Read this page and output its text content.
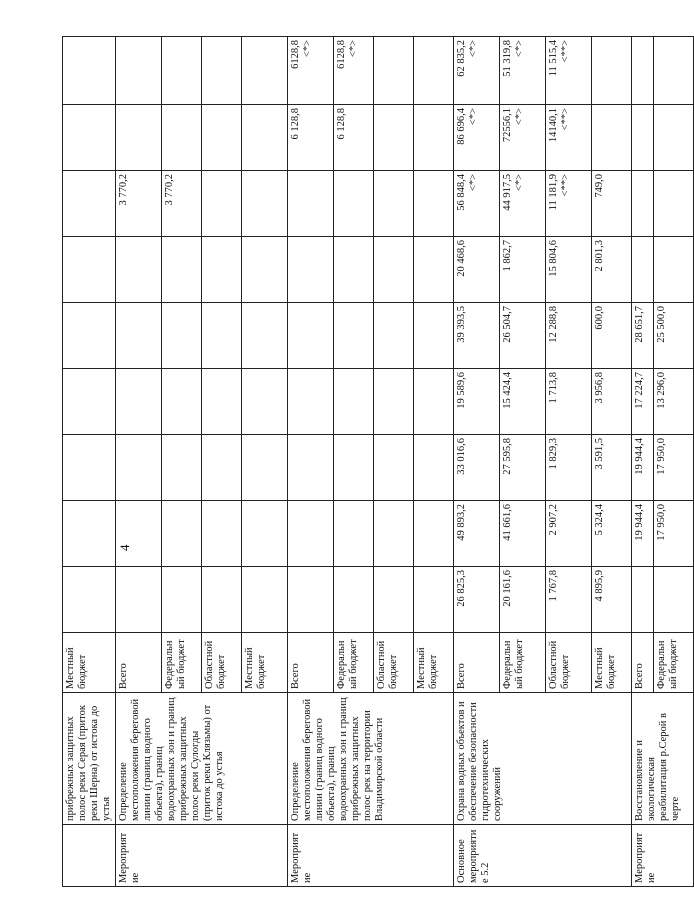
4
	прибрежных защитных полос реки Серая (приток реки Шерна) от истока до устья	Местный бюджет									
Мероприятие	Определение местоположения береговой линии (границ водного объекта), границ водоохранных зон и границ прибрежных защитных полос реки Сулогды (приток реки Клязьмы) от истока до устья	Всего							3 770,2		
		Федеральный бюджет							3 770,2		
		Областной бюджет									
		Местный бюджет									
Мероприятие	Определение местоположения береговой линии (границ водного объекта), границ водоохранных зон и границ прибрежных защитных полос рек на территории Владимирской области	Всего								6 128,8	6128,8 <*>

		Федеральный бюджет								6 128,8	6128,8 <*>

		Областной бюджет									
		Местный бюджет									
Основное мероприятие 5.2	Охрана водных объектов и обеспечение безопасности гидротехнических сооружений	Всего	26 825,3	49 893,2	33 016,6	19 589,6	39 393,5	20 468,6	56 848,4 <*>	86 696,4 <*>	62 835,2 <*>

		Федеральный бюджет	20 161,6	41 661,6	27 595,8	15 424,4	26 504,7	1 862,7	44 917,5 <*>	72556,1 <*>	51 319,8 <*>

		Областной бюджет	1 767,8	2 907,2	1 829,3	1 713,8	12 288,8	15 804,6	11 181,9 <**>	14140,1 <**>	11 515,4 <**>

		Местный бюджет	4 895,9	5 324,4	3 591,5	3 956,8	600,0	2 801,3	749,0		
Мероприятие	Восстановление и экологическая реабилитация р.Серой в черте	Всего		19 944,4	19 944,4	17 224,7	28 651,7				
		Федеральный бюджет		17 950,0	17 950,0	13 296,0	25 500,0				
